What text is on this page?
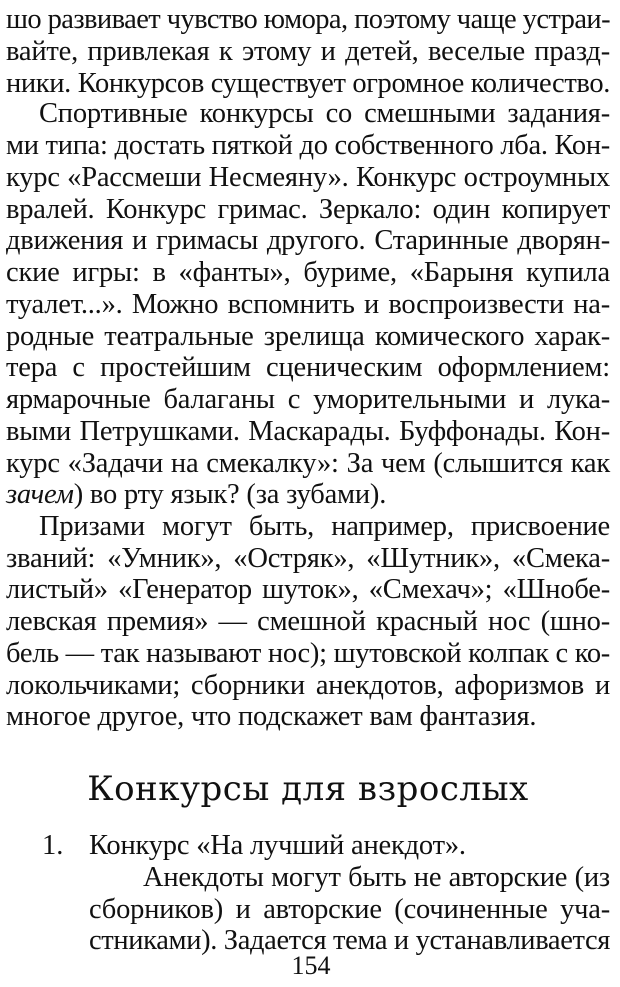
шо развивает чувство юмора, поэтому чаще устраи-
вайте, привлекая к этому и детей, веселые празд-
ники. Конкурсов существует огромное количество.
Спортивные конкурсы со смешными задания-
ми типа: достать пяткой до собственного лба. Кон-
курс «Рассмеши Несмеяну». Конкурс остроумных
вралей. Конкурс гримас. Зеркало: один копирует
движения и гримасы другого. Старинные дворян-
ские игры: в «фанты», буриме, «Барыня купила
туалет...». Можно вспомнить и воспроизвести на-
родные театральные зрелища комического харак-
тера с простейшим сценическим оформлением:
ярмарочные балаганы с уморительными и лука-
выми Петрушками. Маскарады. Буффонады. Кон-
курс «Задачи на смекалку»: За чем (слышится как
зачем) во рту язык? (за зубами).
Призами могут быть, например, присвоение
званий: «Умник», «Остряк», «Шутник», «Смека-
листый» «Генератор шуток», «Смехач»; «Шнобе-
левская премия» — смешной красный нос (шно-
бель — так называют нос); шутовской колпак с ко-
локольчиками; сборники анекдотов, афоризмов и
многое другое, что подскажет вам фантазия.
Конкурсы для взрослых
1. Конкурс «На лучший анекдот».
Анекдоты могут быть не авторские (из
сборников) и авторские (сочиненные уча-
стниками). Задается тема и устанавливается
154
